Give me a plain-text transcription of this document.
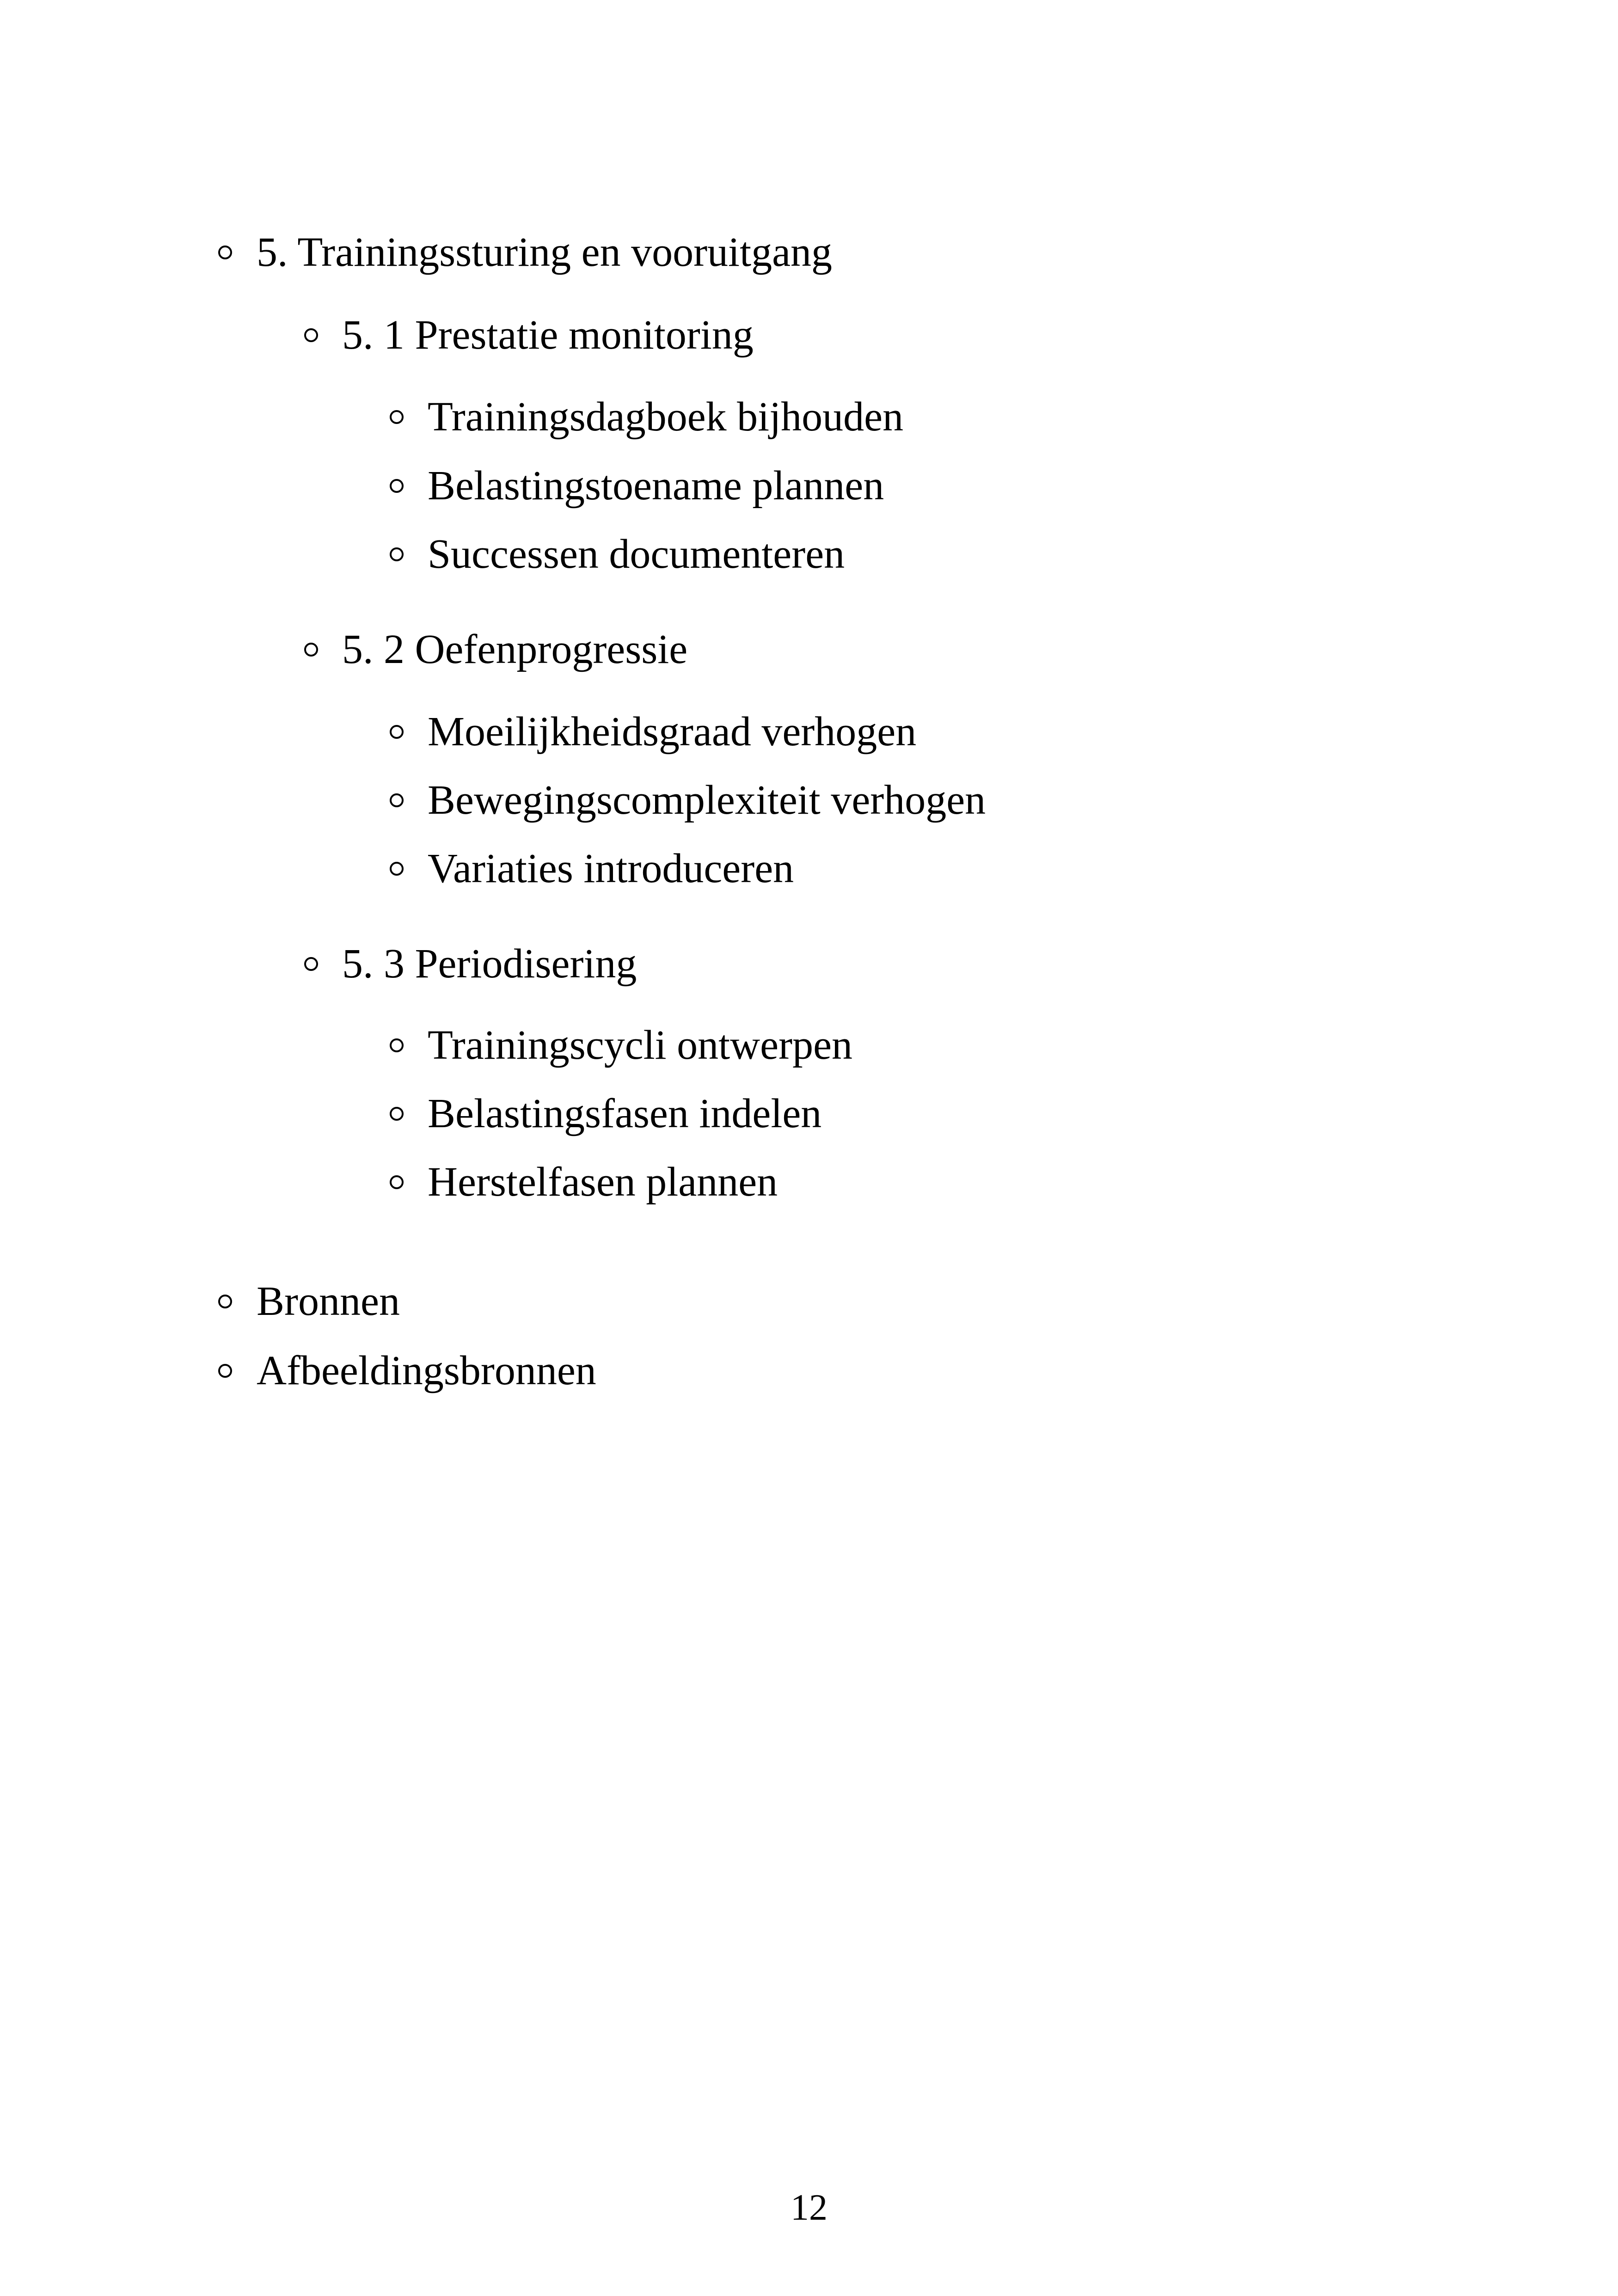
5. Trainingssturing en vooruitgang
5. 1 Prestatie monitoring
Trainingsdagboek bijhouden
Belastingstoename plannen
Successen documenteren
5. 2 Oefenprogressie
Moeilijkheidsgraad verhogen
Bewegingscomplexiteit verhogen
Variaties introduceren
5. 3 Periodisering
Trainingscycli ontwerpen
Belastingsfasen indelen
Herstelfasen plannen
Bronnen
Afbeeldingsbronnen
12
